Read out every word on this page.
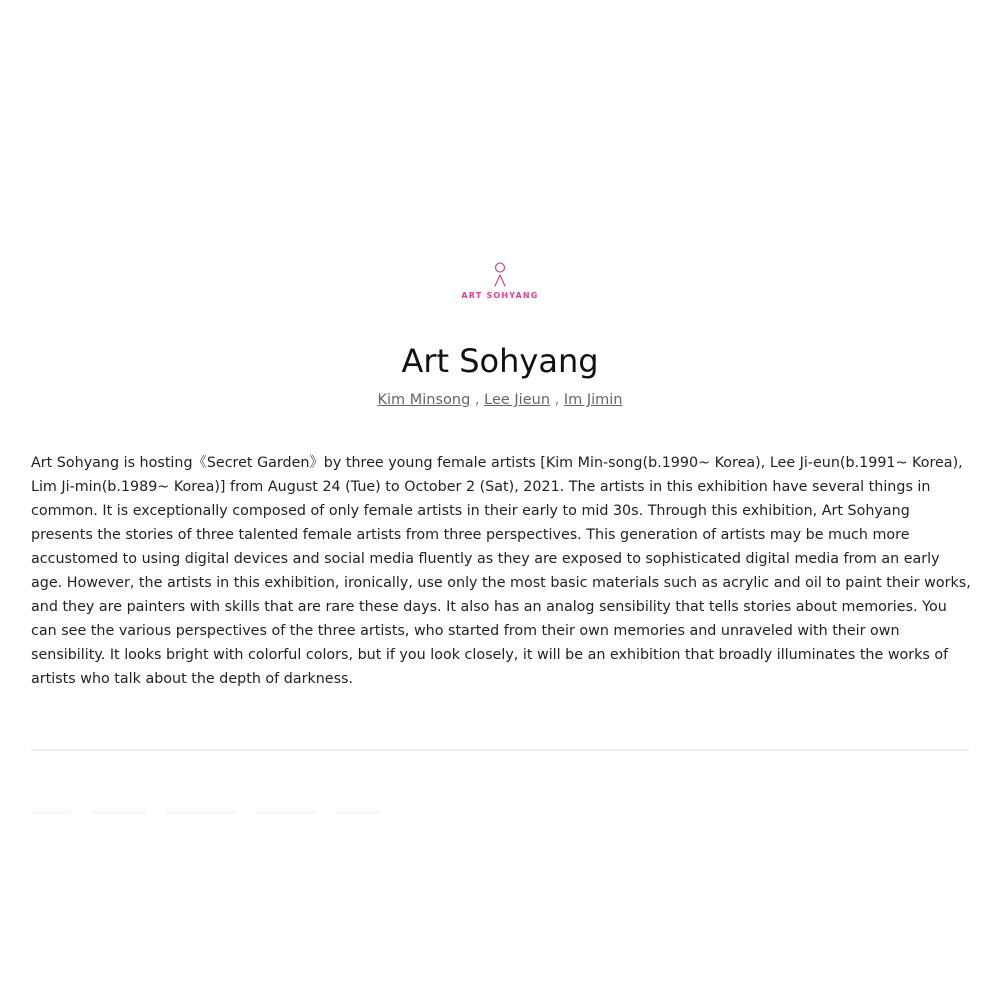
ART SOHYANG
Art Sohyang
Kim Minsong , Lee Jieun , Im Jimin

Art Sohyang is hosting《Secret Garden》by three young female artists [Kim Min-song(b.1990~ Korea), Lee Ji-eun(b.1991~ Korea), Lim Ji-min(b.1989~ Korea)] from August 24 (Tue) to October 2 (Sat), 2021. The artists in this exhibition have several things in common. It is exceptionally composed of only female artists in their early to mid 30s. Through this exhibition, Art Sohyang presents the stories of three talented female artists from three perspectives. This generation of artists may be much more accustomed to using digital devices and social media fluently as they are exposed to sophisticated digital media from an early age. However, the artists in this exhibition, ironically, use only the most basic materials such as acrylic and oil to paint their works, and they are painters with skills that are rare these days. It also has an analog sensibility that tells stories about memories. You can see the various perspectives of the three artists, who started from their own memories and unraveled with their own sensibility. It looks bright with colorful colors, but if you look closely, it will be an exhibition that broadly illuminates the works of artists who talk about the depth of darkness.
